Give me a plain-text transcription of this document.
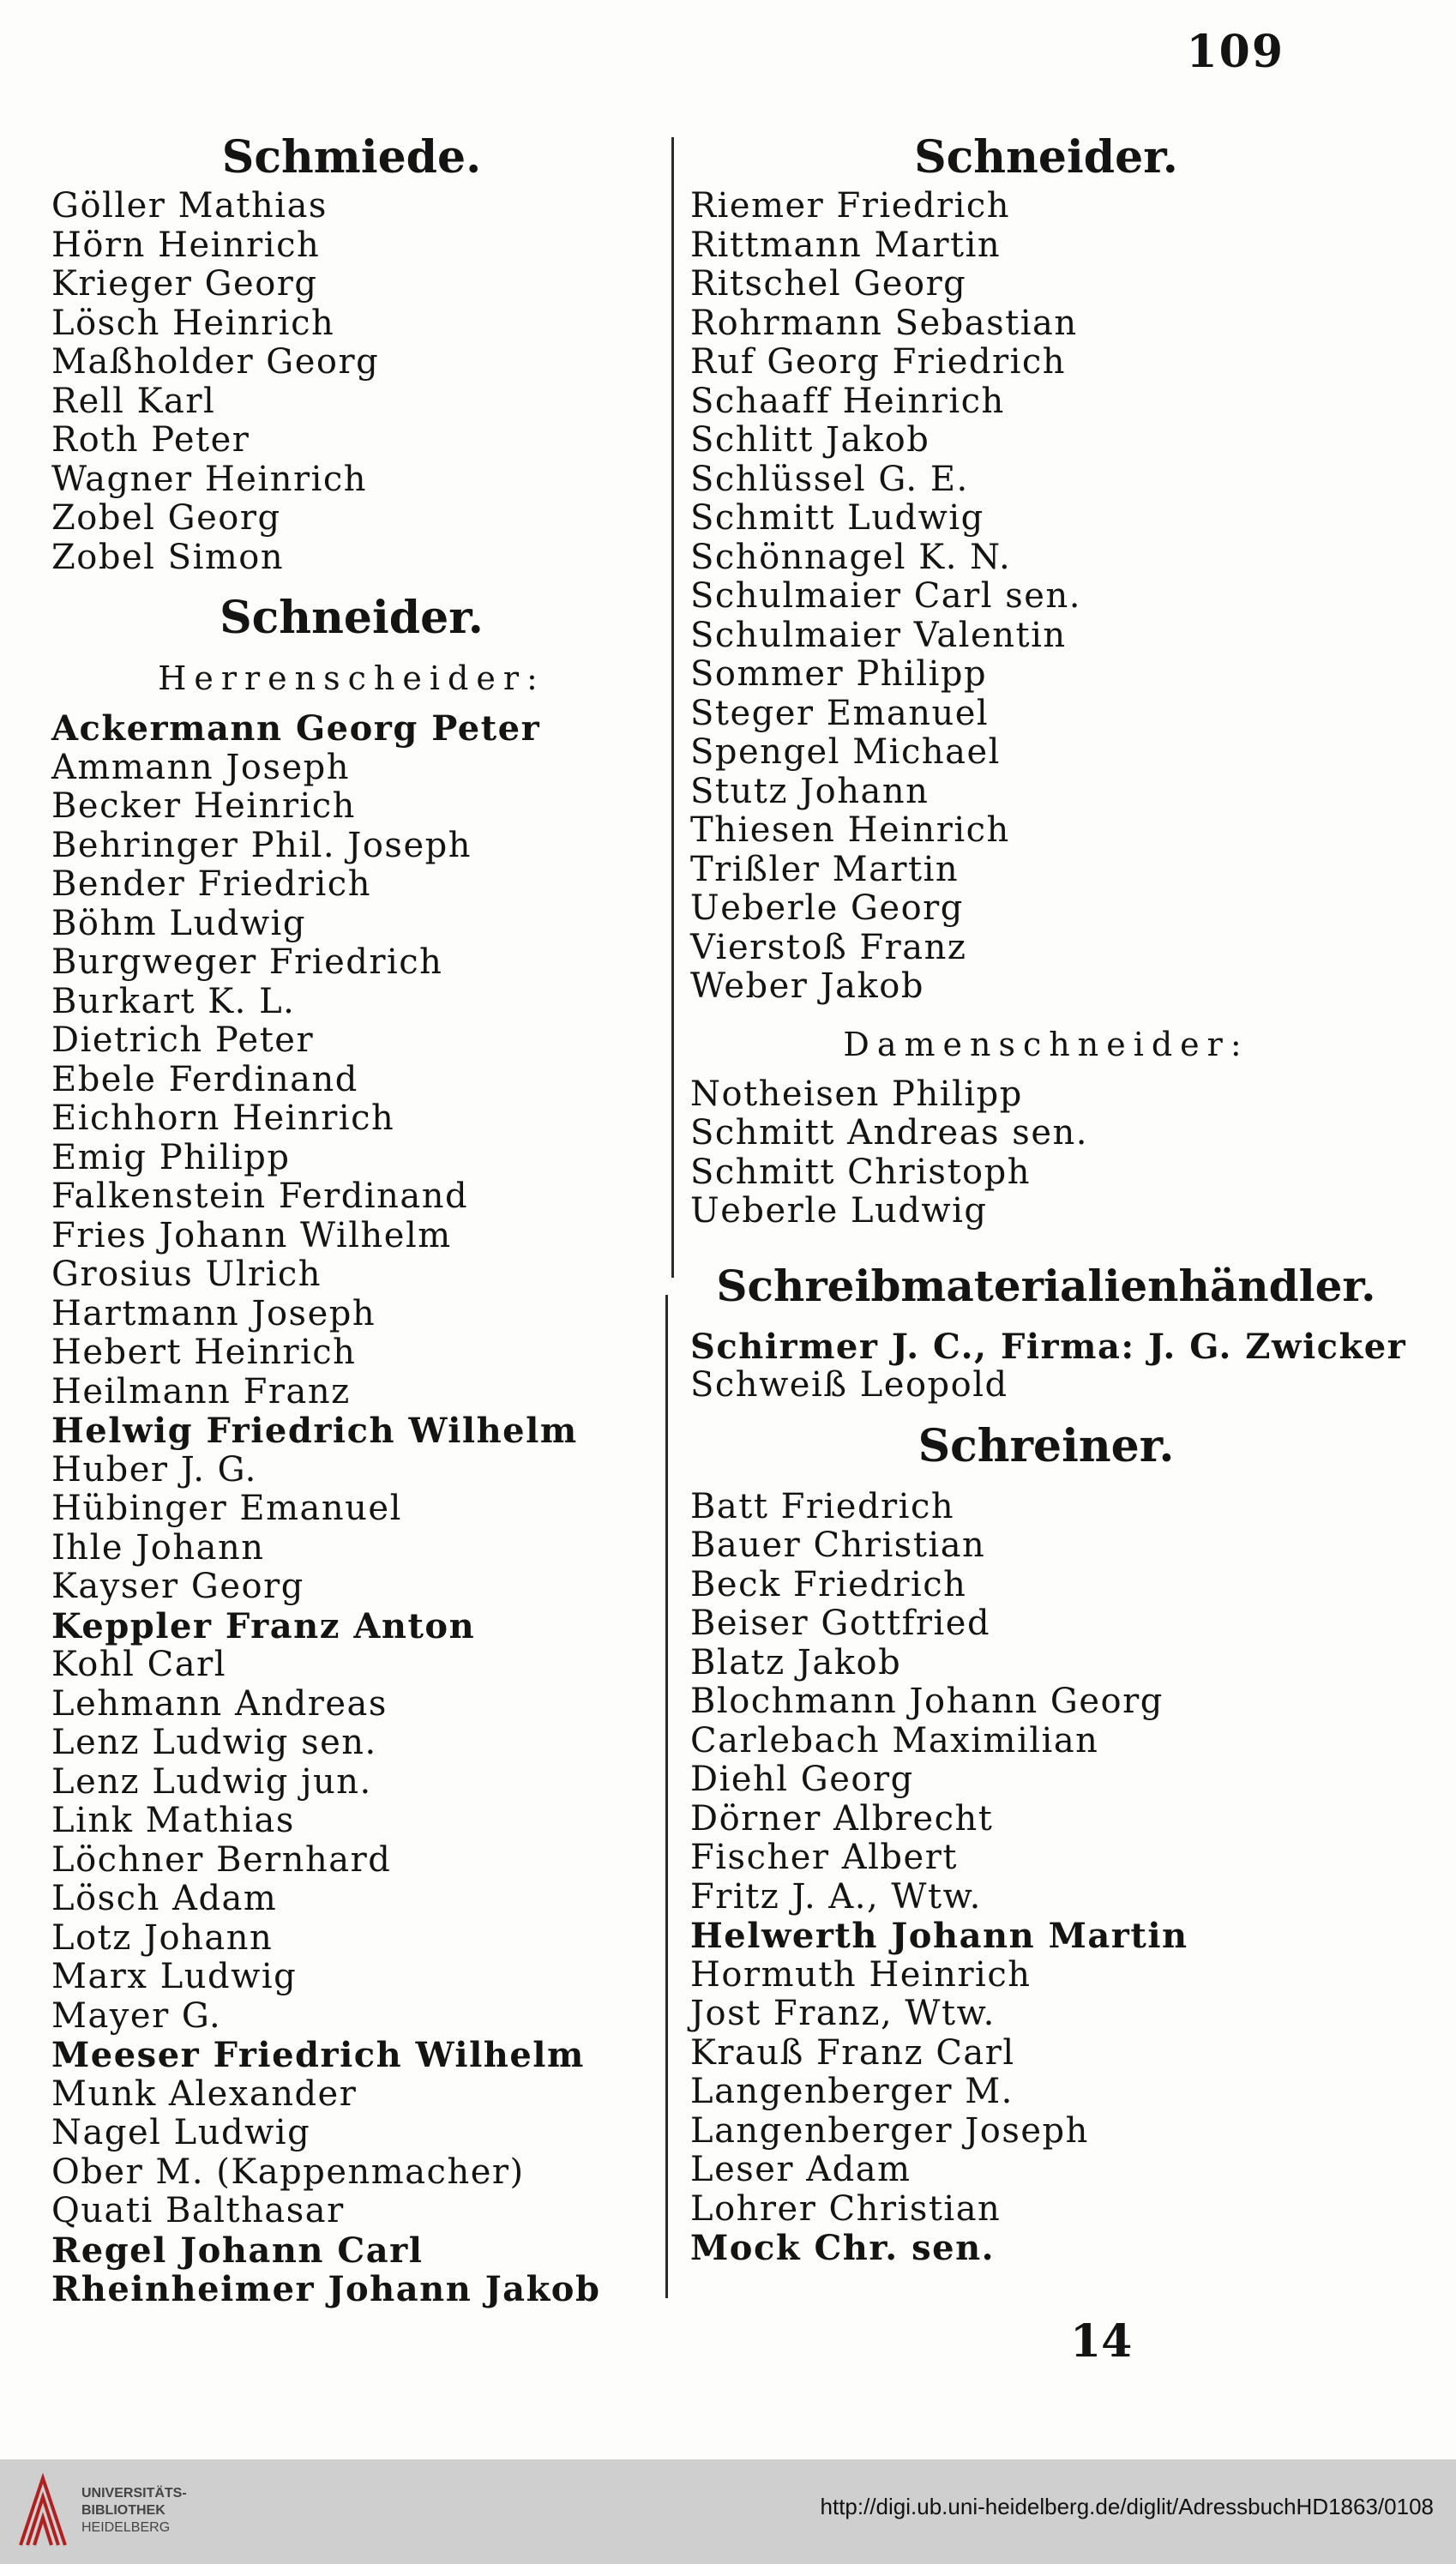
109
Schmiede.
Göller Mathias
Hörn Heinrich
Krieger Georg
Lösch Heinrich
Maßholder Georg
Rell Karl
Roth Peter
Wagner Heinrich
Zobel Georg
Zobel Simon
Schneider.
Herrenscheider:
Ackermann Georg Peter
Ammann Joseph
Becker Heinrich
Behringer Phil. Joseph
Bender Friedrich
Böhm Ludwig
Burgweger Friedrich
Burkart K. L.
Dietrich Peter
Ebele Ferdinand
Eichhorn Heinrich
Emig Philipp
Falkenstein Ferdinand
Fries Johann Wilhelm
Grosius Ulrich
Hartmann Joseph
Hebert Heinrich
Heilmann Franz
Helwig Friedrich Wilhelm
Huber J. G.
Hübinger Emanuel
Ihle Johann
Kayser Georg
Keppler Franz Anton
Kohl Carl
Lehmann Andreas
Lenz Ludwig sen.
Lenz Ludwig jun.
Link Mathias
Löchner Bernhard
Lösch Adam
Lotz Johann
Marx Ludwig
Mayer G.
Meeser Friedrich Wilhelm
Munk Alexander
Nagel Ludwig
Ober M. (Kappenmacher)
Quati Balthasar
Regel Johann Carl
Rheinheimer Johann Jakob
Schneider.
Riemer Friedrich
Rittmann Martin
Ritschel Georg
Rohrmann Sebastian
Ruf Georg Friedrich
Schaaff Heinrich
Schlitt Jakob
Schlüssel G. E.
Schmitt Ludwig
Schönnagel K. N.
Schulmaier Carl sen.
Schulmaier Valentin
Sommer Philipp
Steger Emanuel
Spengel Michael
Stutz Johann
Thiesen Heinrich
Trißler Martin
Ueberle Georg
Vierstoß Franz
Weber Jakob
Damenschneider:
Notheisen Philipp
Schmitt Andreas sen.
Schmitt Christoph
Ueberle Ludwig
Schreibmaterialienhändler.
Schirmer J. C., Firma: J. G. Zwicker
Schweiß Leopold
Schreiner.
Batt Friedrich
Bauer Christian
Beck Friedrich
Beiser Gottfried
Blatz Jakob
Blochmann Johann Georg
Carlebach Maximilian
Diehl Georg
Dörner Albrecht
Fischer Albert
Fritz J. A., Wtw.
Helwerth Johann Martin
Hormuth Heinrich
Jost Franz, Wtw.
Krauß Franz Carl
Langenberger M.
Langenberger Joseph
Leser Adam
Lohrer Christian
Mock Chr. sen.
14
UNIVERSITÄTS-
BIBLIOTHEK
HEIDELBERG
http://digi.ub.uni-heidelberg.de/diglit/AdressbuchHD1863/0108
